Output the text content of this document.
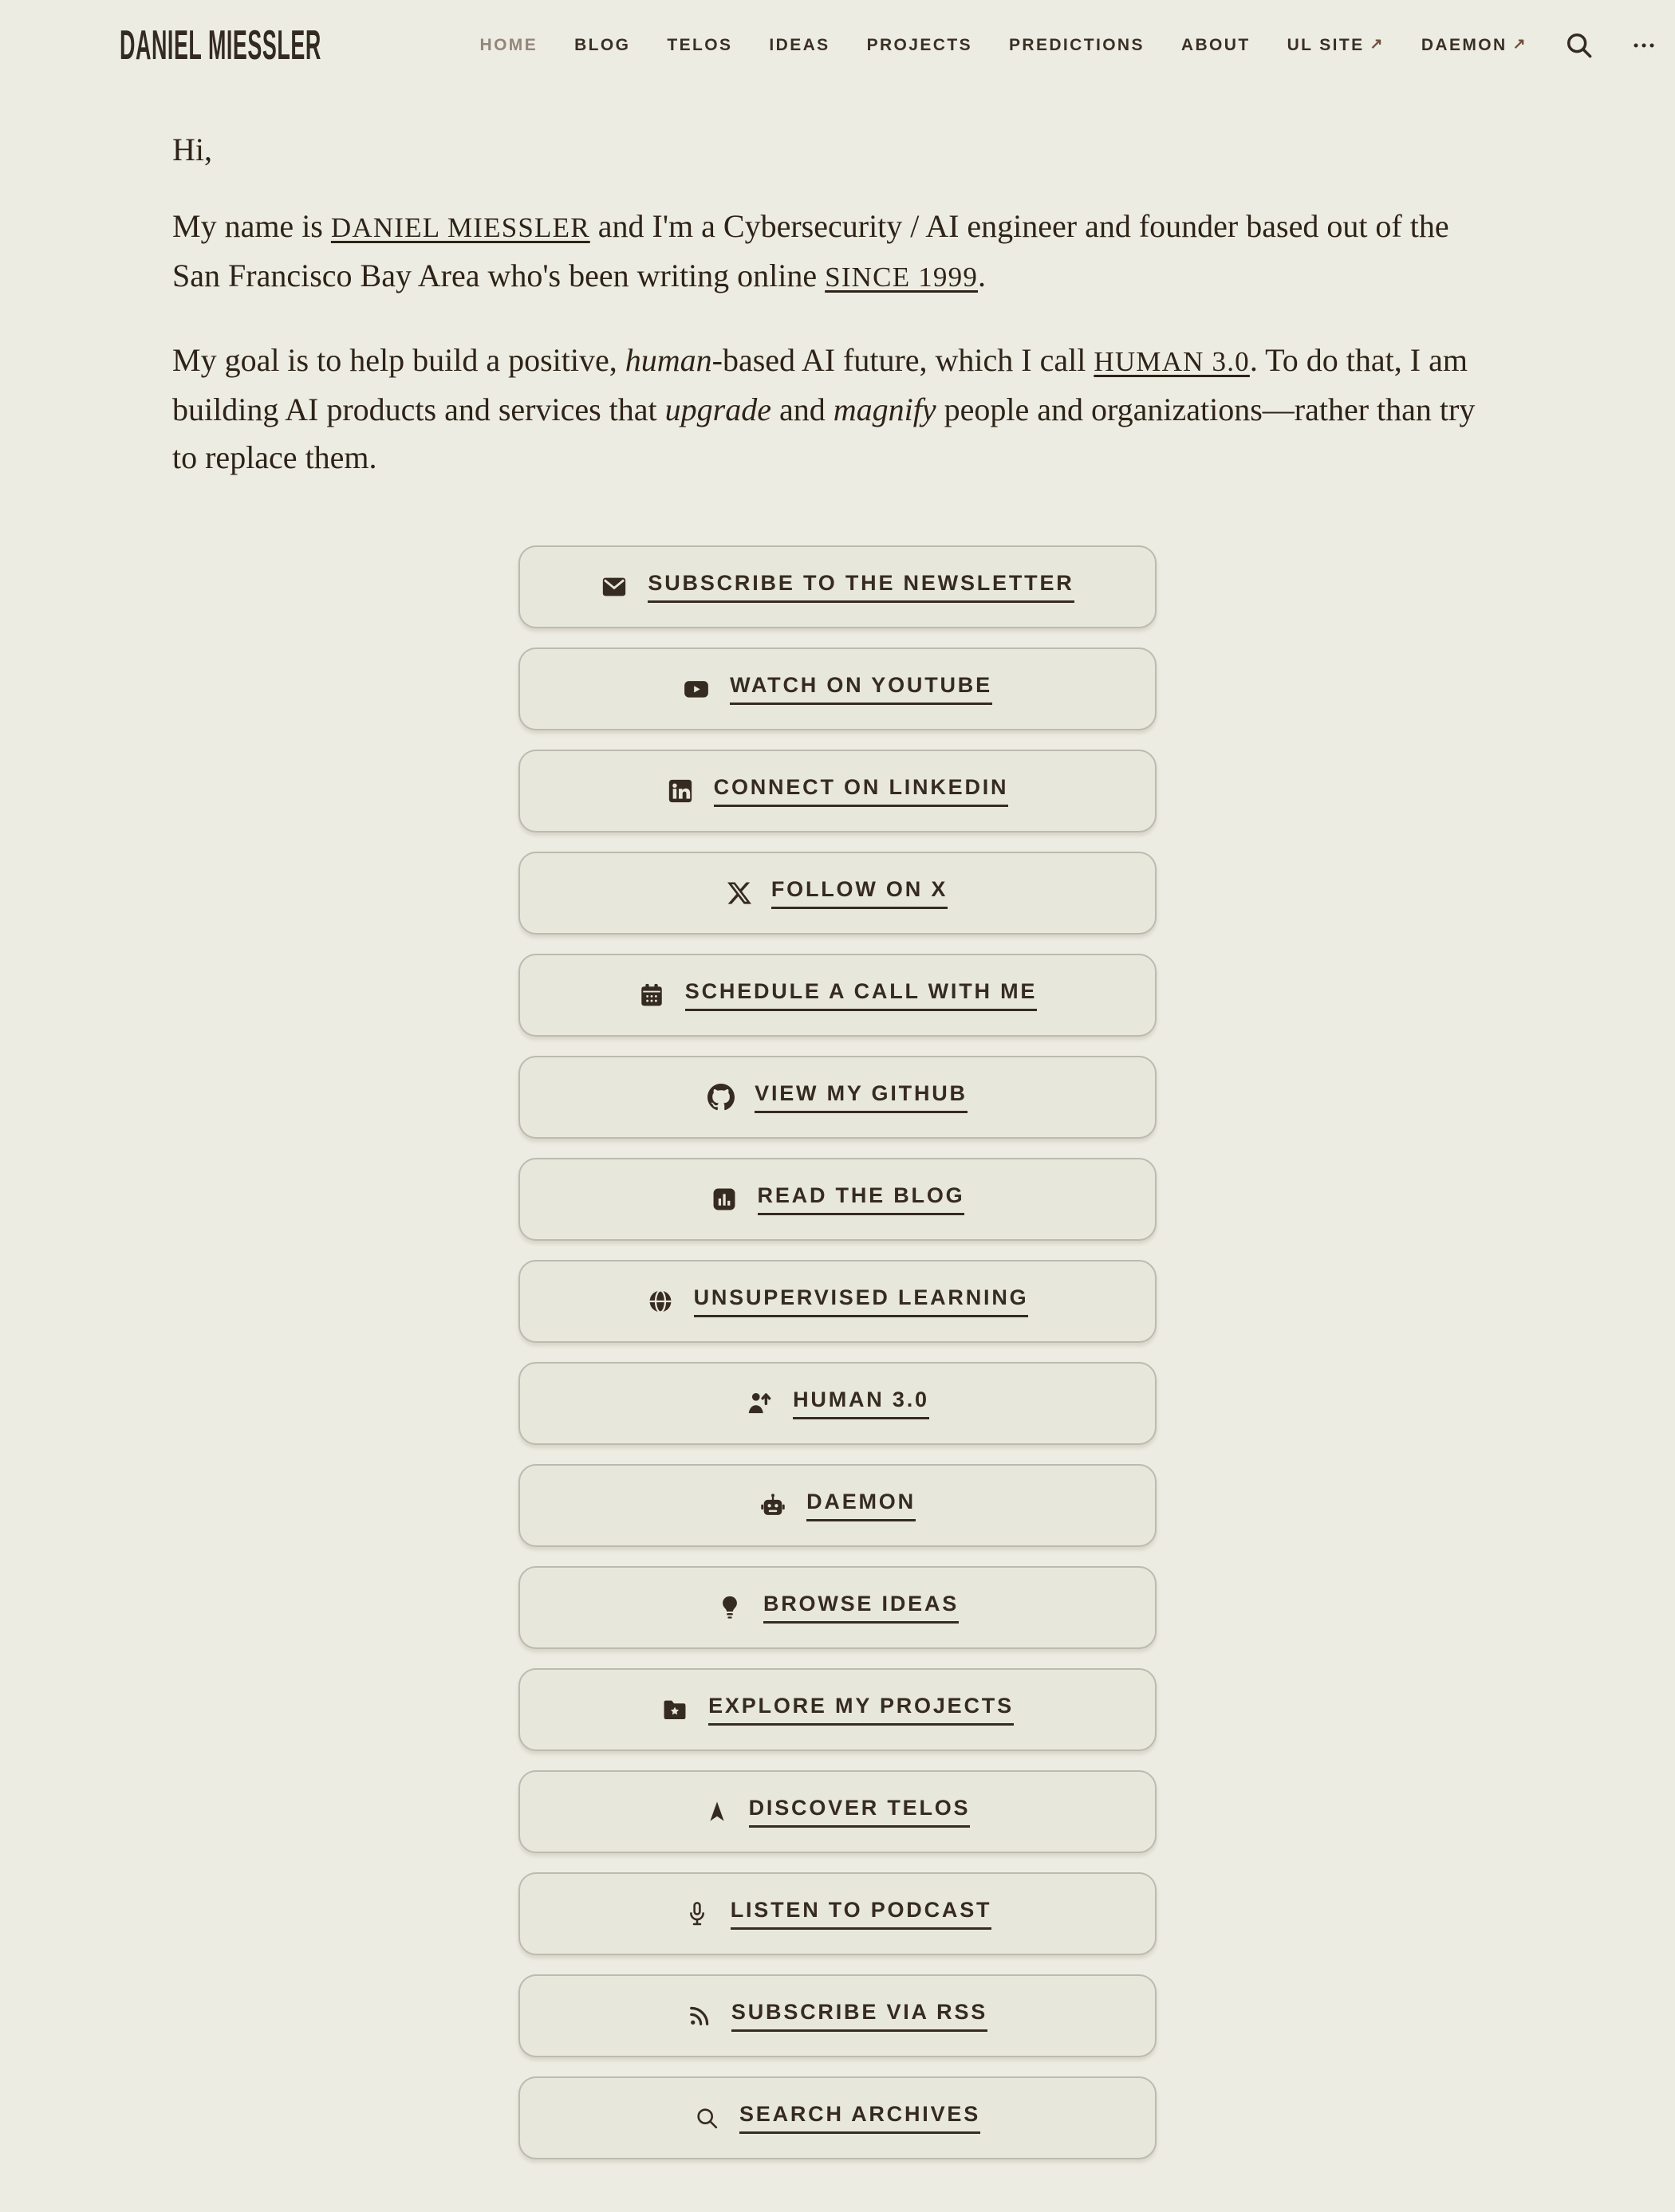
DANIEL MIESSLER	HOME BLOG TELOS IDEAS PROJECTS PREDICTIONS ABOUT UL SITE ↗ DAEMON ↗
Hi,

My name is DANIEL MIESSLER and I'm a Cybersecurity / AI engineer and founder based out of the San Francisco Bay Area who's been writing online SINCE 1999.

My goal is to help build a positive, human-based AI future, which I call HUMAN 3.0. To do that, I am building AI products and services that upgrade and magnify people and organizations—rather than try to replace them.

SUBSCRIBE TO THE NEWSLETTER
WATCH ON YOUTUBE
CONNECT ON LINKEDIN
FOLLOW ON X
SCHEDULE A CALL WITH ME
VIEW MY GITHUB
READ THE BLOG
UNSUPERVISED LEARNING
HUMAN 3.0
DAEMON
BROWSE IDEAS
EXPLORE MY PROJECTS
DISCOVER TELOS
LISTEN TO PODCAST
SUBSCRIBE VIA RSS
SEARCH ARCHIVES
